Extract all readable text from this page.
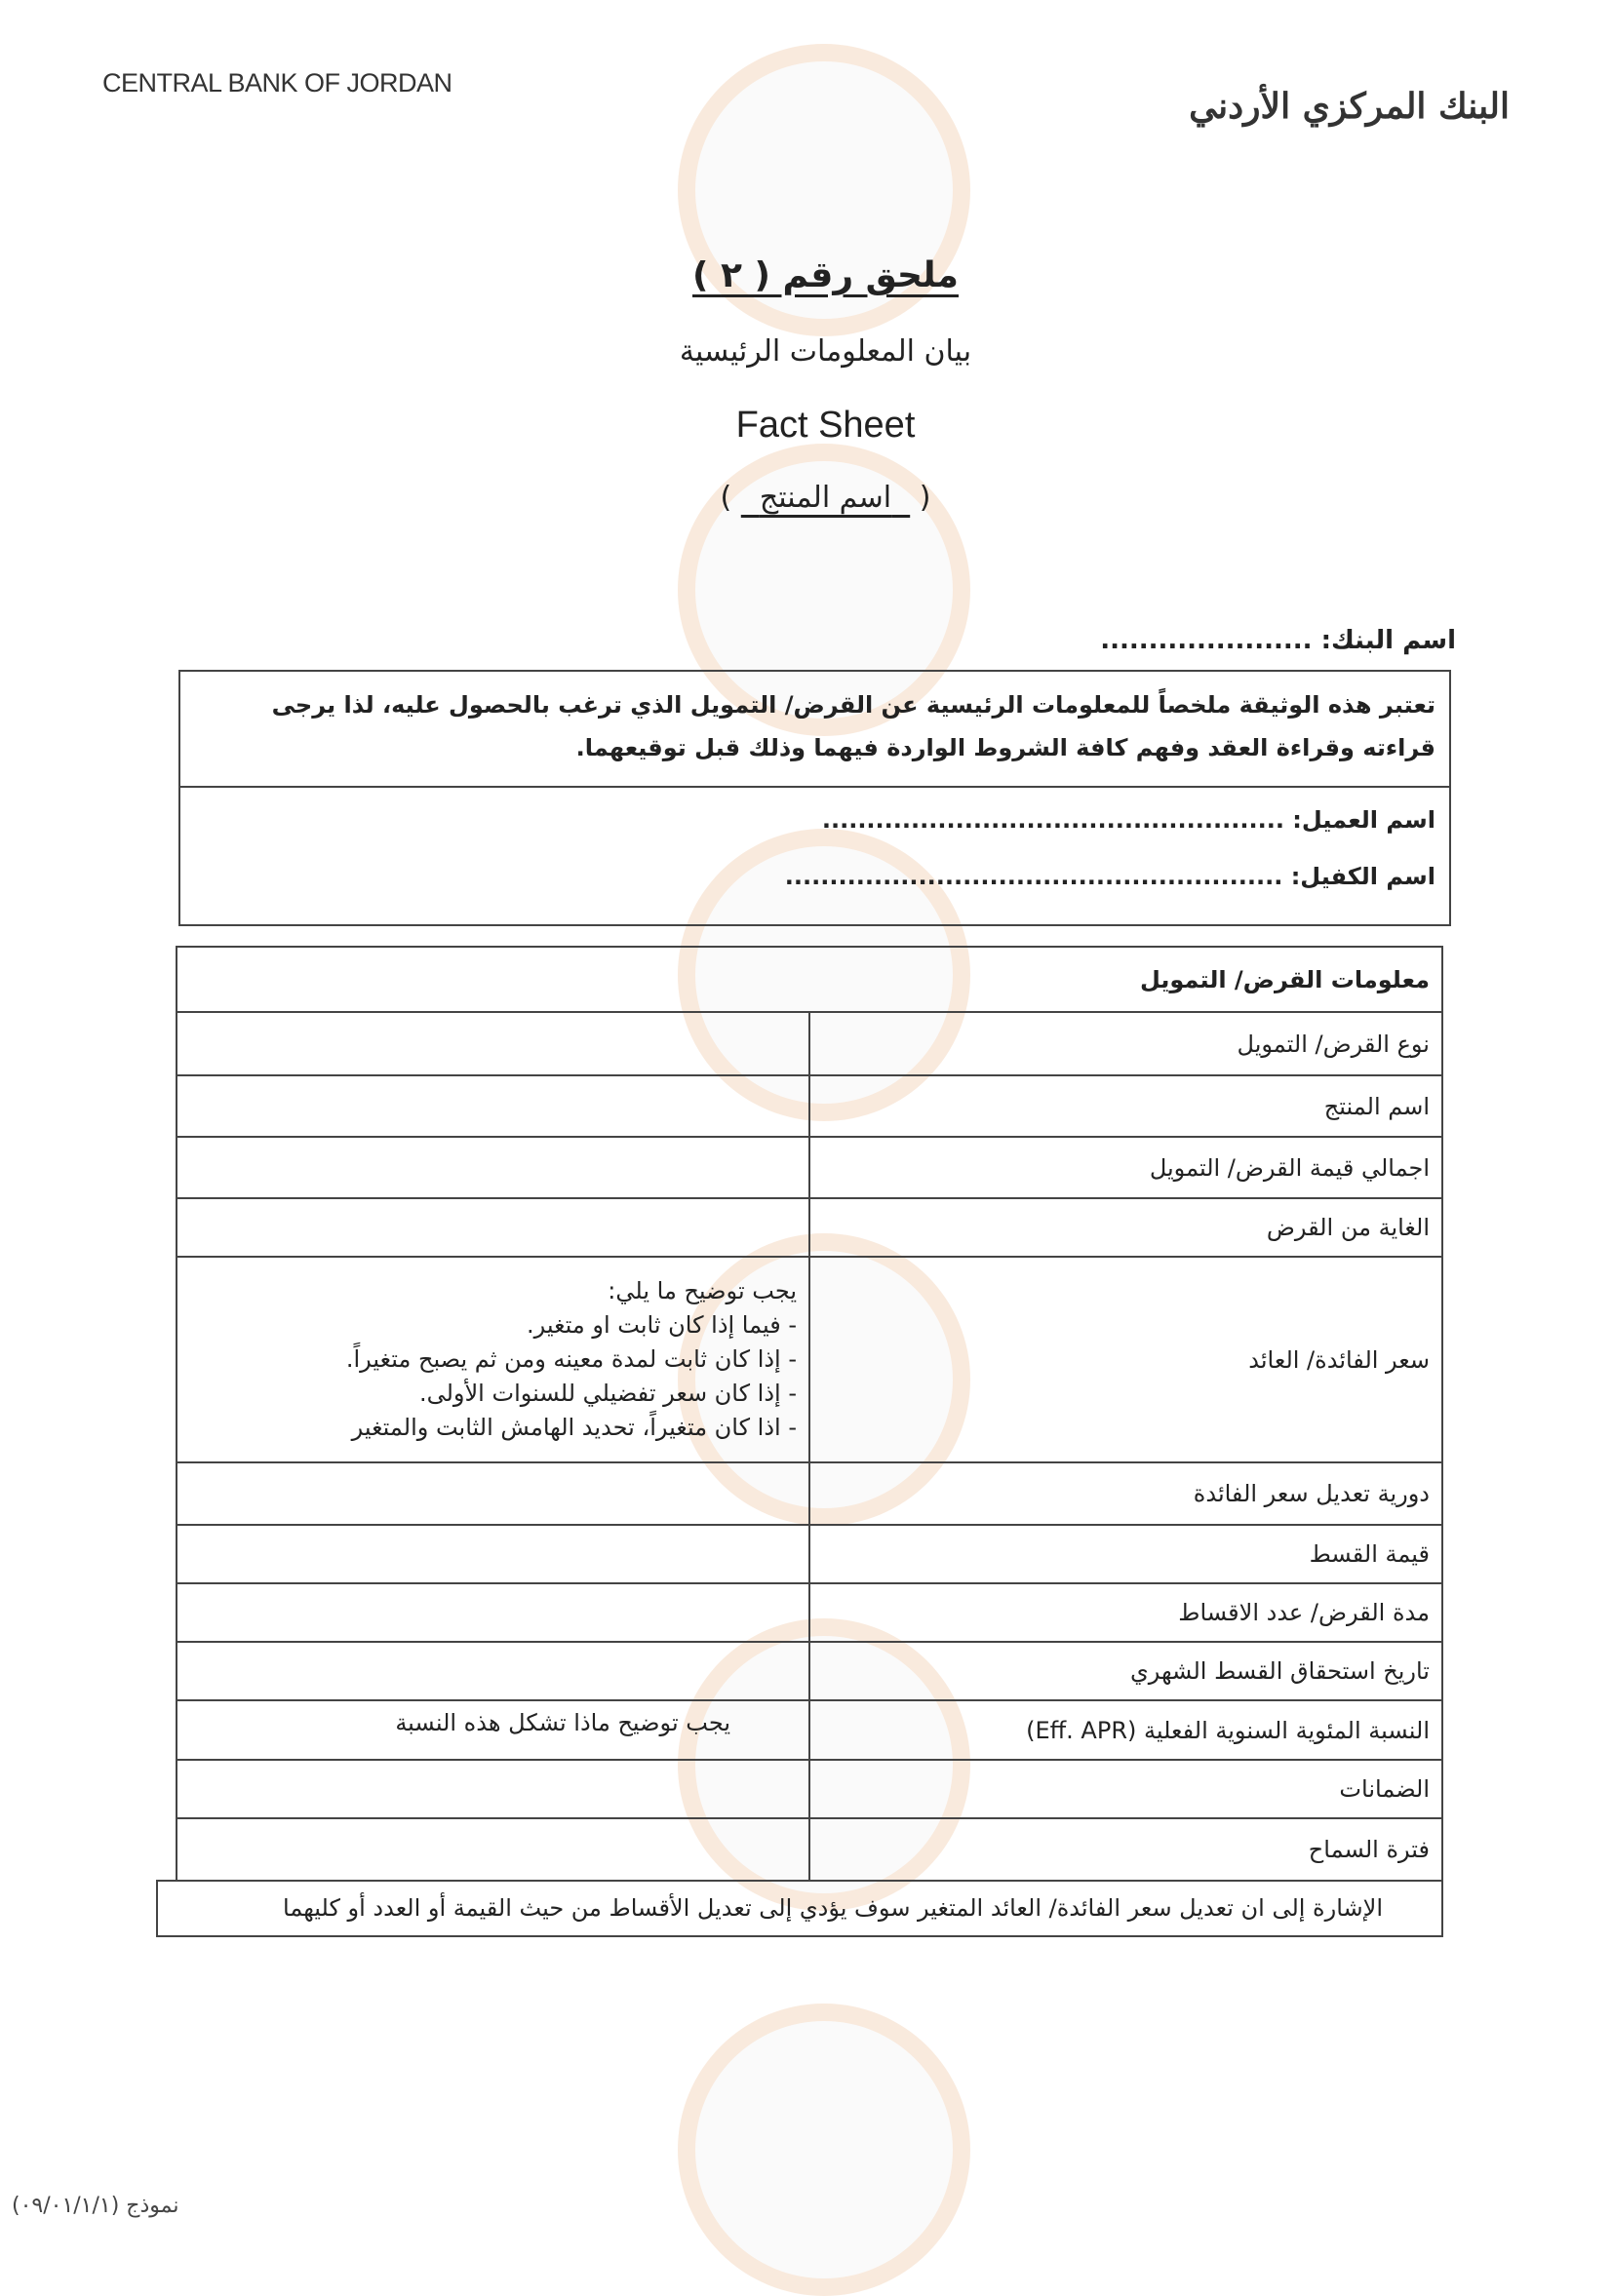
CENTRAL BANK OF JORDAN
البنك المركزي الأردني
ملحق رقم ( ٢ )
بيان المعلومات الرئيسية
Fact Sheet
(   اسم المنتج   )
اسم البنك: ......................
تعتبر هذه الوثيقة ملخصاً للمعلومات الرئيسية عن القرض/ التمويل الذي ترغب بالحصول عليه، لذا يرجى قراءته وقراءة العقد وفهم كافة الشروط الواردة فيهما وذلك قبل توقيعهما.
اسم العميل: ....................................................
اسم الكفيل: ........................................................
معلومات القرض/ التمويل	
نوع القرض/ التمويل	
اسم المنتج	
اجمالي قيمة القرض/ التمويل	
الغاية من القرض	
سعر الفائدة/ العائد	يجب توضيح ما يلي:
- فيما إذا كان ثابت او متغير.
- إذا كان ثابت لمدة معينه ومن ثم يصبح متغيراً.
- إذا كان سعر تفضيلي للسنوات الأولى.
- اذا كان متغيراً، تحديد الهامش الثابت والمتغير

دورية تعديل سعر الفائدة	
قيمة القسط	
مدة القرض/ عدد الاقساط	
تاريخ استحقاق القسط الشهري	
النسبة المئوية السنوية الفعلية (Eff. APR)	يجب توضيح ماذا تشكل هذه النسبة
الضمانات	
فترة السماح	
الإشارة إلى ان تعديل سعر الفائدة/ العائد المتغير سوف يؤدي إلى تعديل الأقساط من حيث القيمة أو العدد أو كليهما
نموذج (٠٩/٠١/١/١)
